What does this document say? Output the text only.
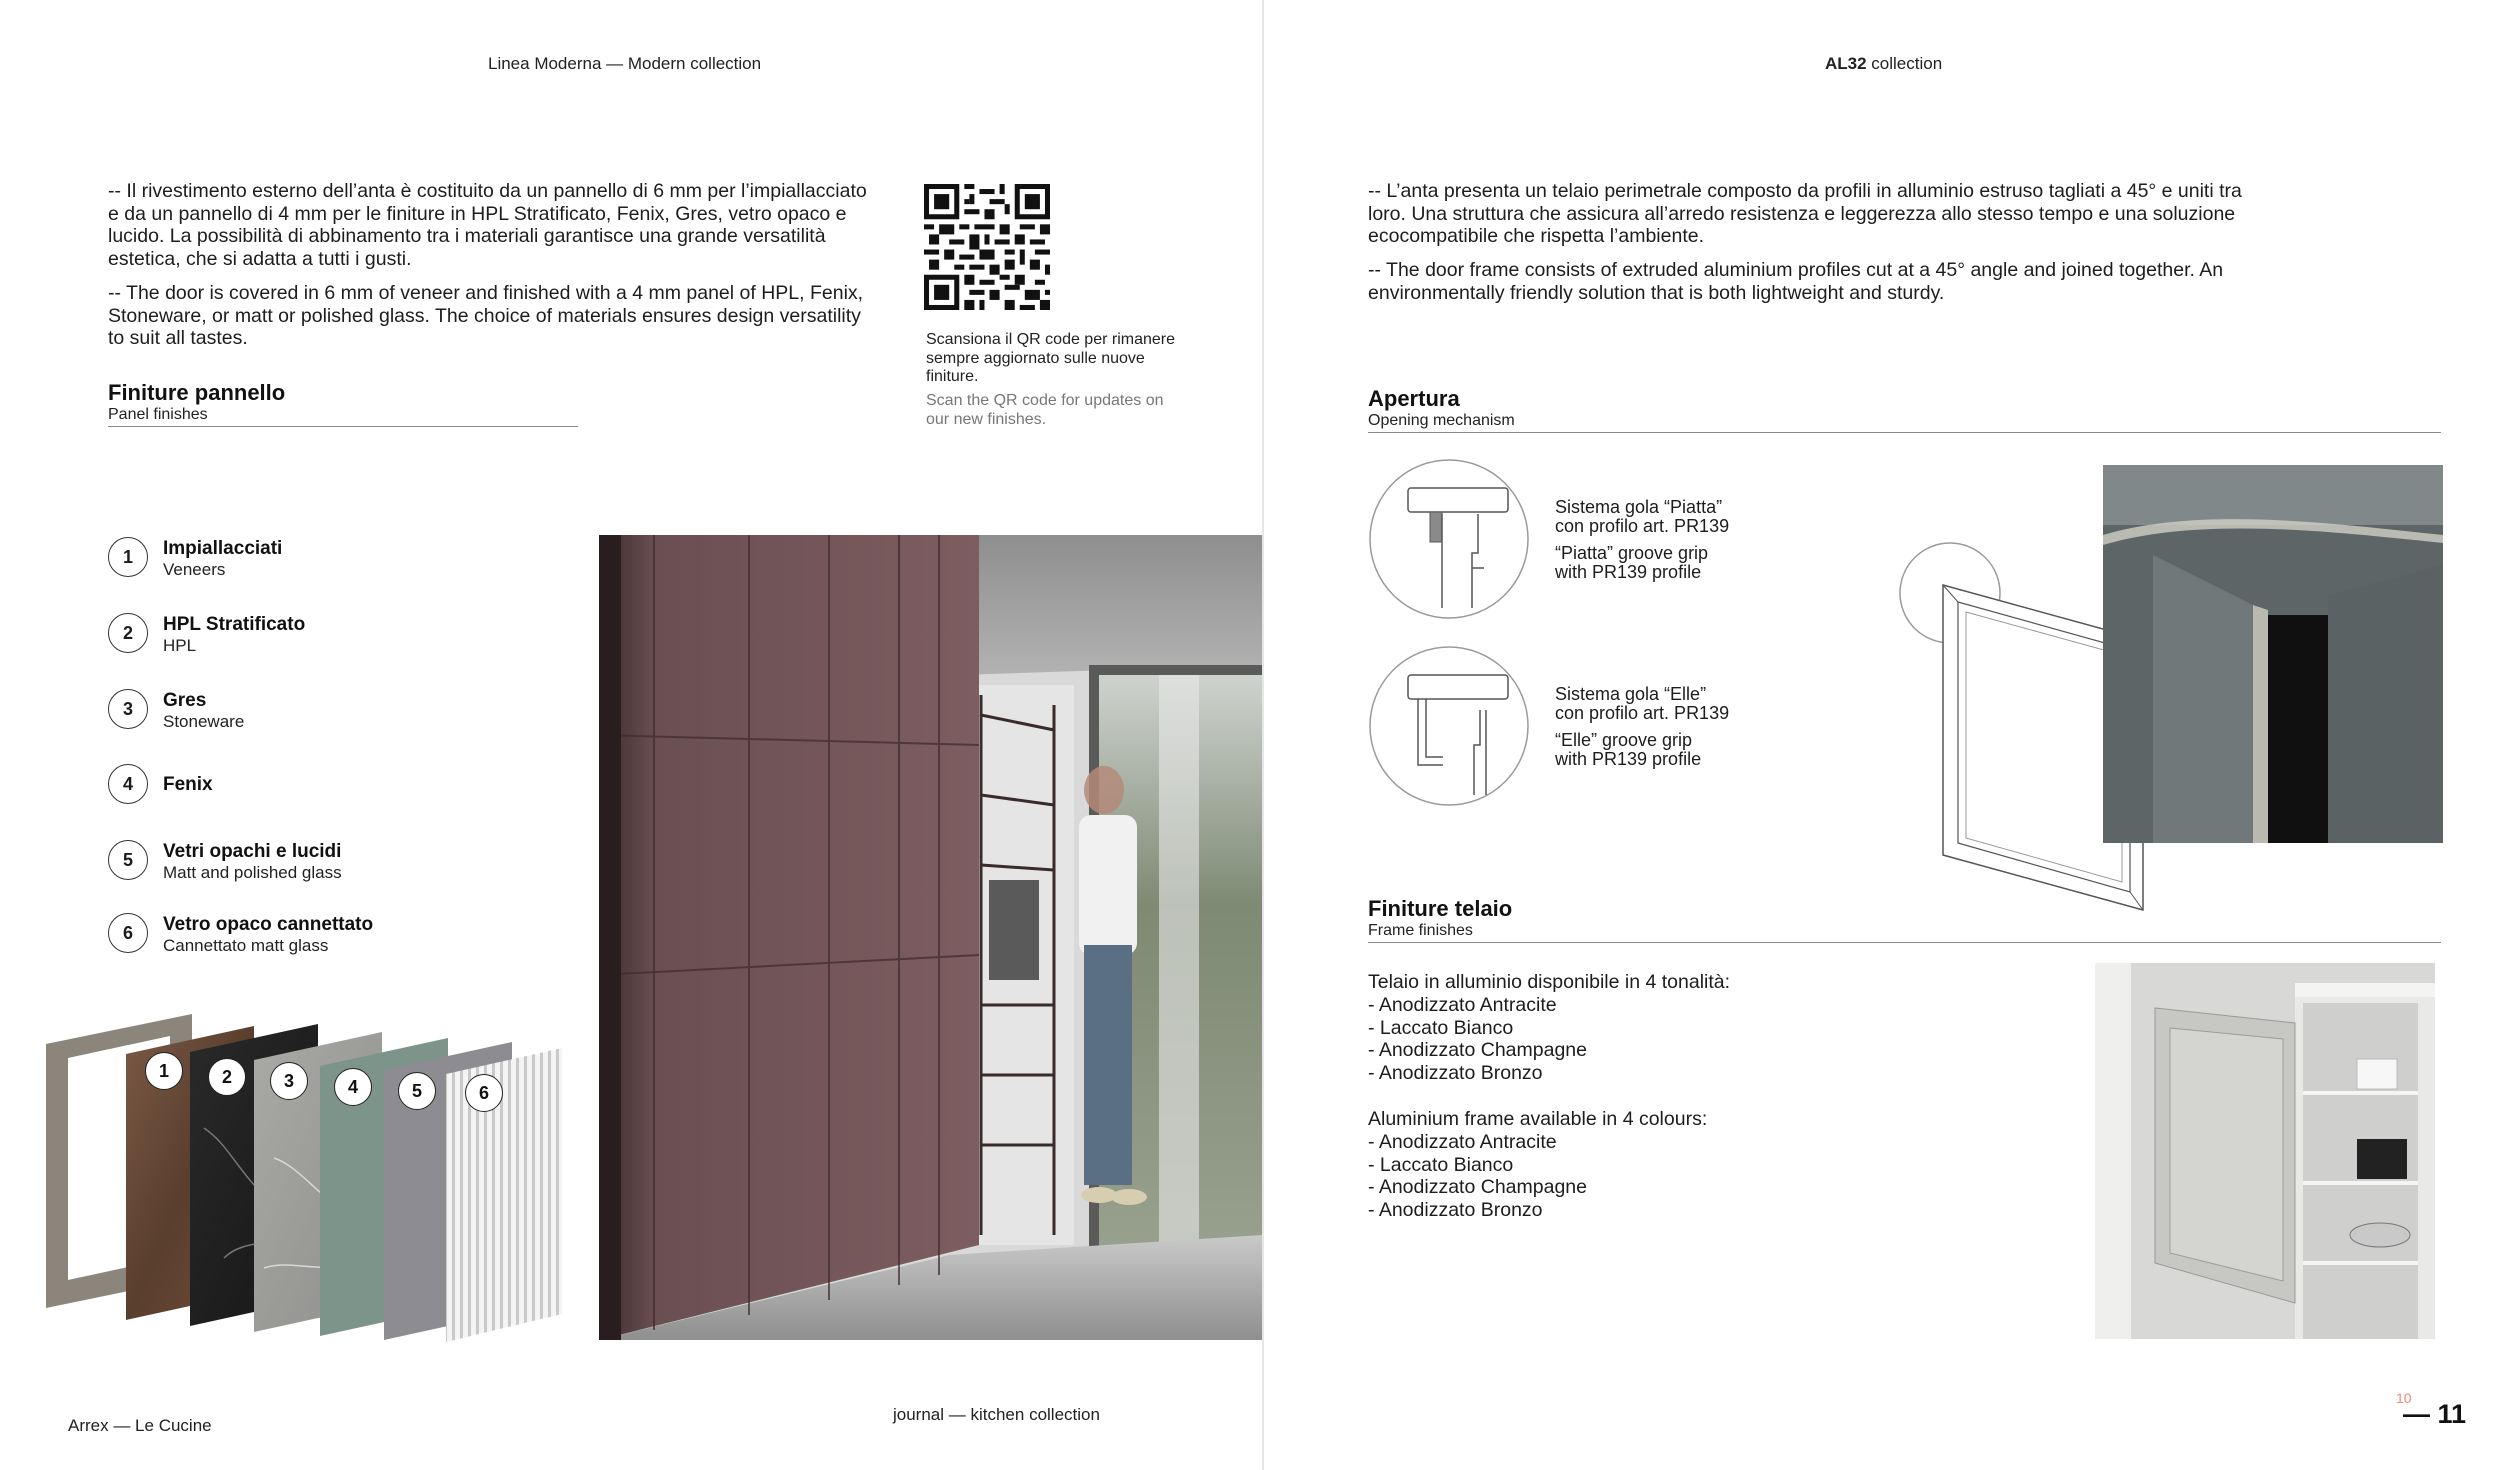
Linea Moderna — Modern collection	AL32 collection
-- Il rivestimento esterno dell’anta è costituito da un pannello di 6 mm per l’impiallacciato e da un pannello di 4 mm per le finiture in HPL Stratificato, Fenix, Gres, vetro opaco e lucido. La possibilità di abbinamento tra i materiali garantisce una grande versatilità estetica, che si adatta a tutti i gusti.
-- The door is covered in 6 mm of veneer and finished with a 4 mm panel of HPL, Fenix, Stoneware, or matt or polished glass. The choice of materials ensures design versatility to suit all tastes.	Scansiona il QR code per rimanere sempre aggiornato sulle nuove finiture.
Scan the QR code for updates on our new finishes.
Finiture pannello
Panel finishes
1	Impiallacciati
Veneers
2	HPL Stratificato
HPL
3	Gres
Stoneware
4	Fenix
5	Vetri opachi e lucidi
Matt and polished glass
6	Vetro opaco cannettato
Cannettato matt glass
1	2	3	4	5	6
-- L’anta presenta un telaio perimetrale composto da profili in alluminio estruso tagliati a 45° e uniti tra loro. Una struttura che assicura all’arredo resistenza e leggerezza allo stesso tempo e una soluzione ecocompatibile che rispetta l’ambiente.
-- The door frame consists of extruded aluminium profiles cut at a 45° angle and joined together. An environmentally friendly solution that is both lightweight and sturdy.
Apertura
Opening mechanism
Sistema gola “Piatta”
con profilo art. PR139
“Piatta” groove grip
with PR139 profile
Sistema gola “Elle”
con profilo art. PR139
“Elle” groove grip
with PR139 profile
Finiture telaio
Frame finishes
Telaio in alluminio disponibile in 4 tonalità:
- Anodizzato Antracite
- Laccato Bianco
- Anodizzato Champagne
- Anodizzato Bronzo
Aluminium frame available in 4 colours:
- Anodizzato Antracite
- Laccato Bianco
- Anodizzato Champagne
- Anodizzato Bronzo
Arrex — Le Cucine
journal — kitchen collection
10
— 11
